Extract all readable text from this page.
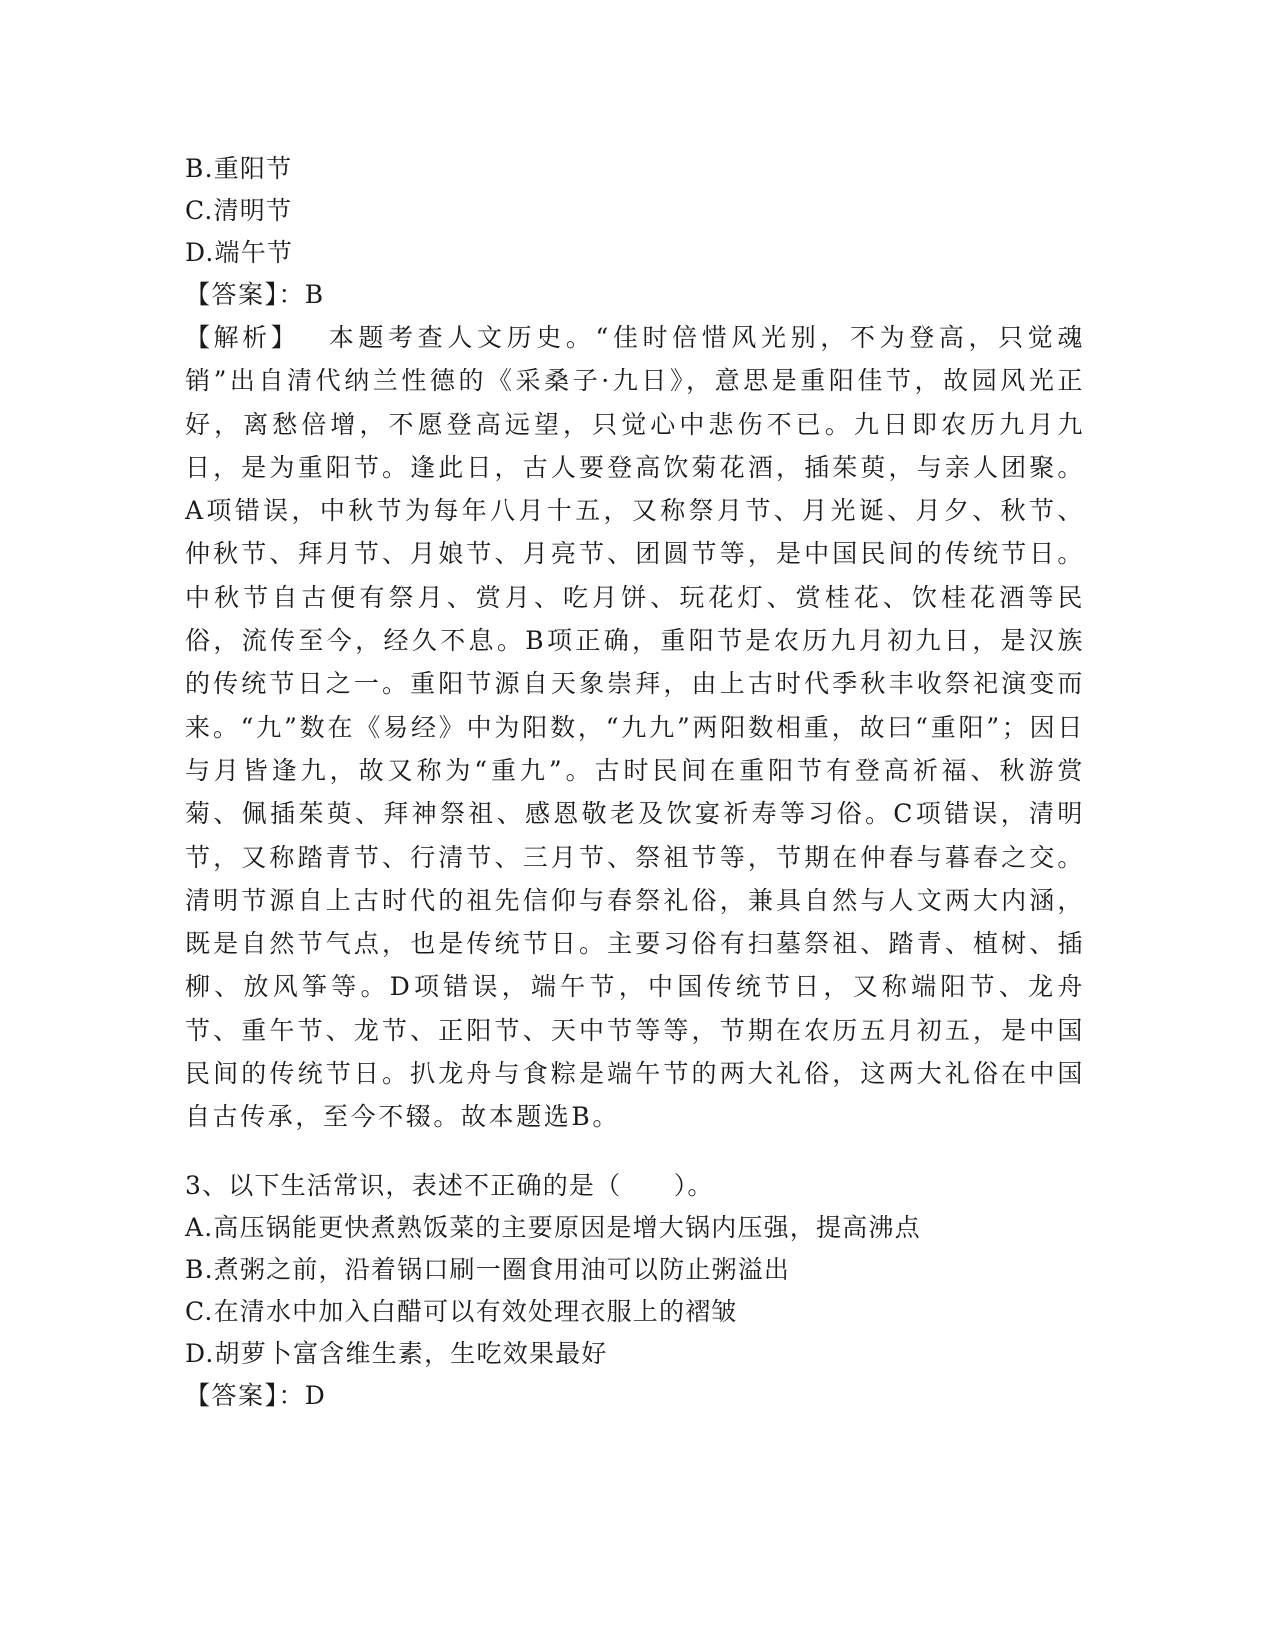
B.重阳节
C.清明节
D.端午节
【答案】：B
【解析】  本题考查人文历史。“佳时倍惜风光别，不为登高，只觉魂销”出自清代纳兰性德的《采桑子·九日》，意思是重阳佳节，故园风光正好，离愁倍增，不愿登高远望，只觉心中悲伤不已。九日即农历九月九日，是为重阳节。逢此日，古人要登高饮菊花酒，插茱萸，与亲人团聚。A项错误，中秋节为每年八月十五，又称祭月节、月光诞、月夕、秋节、仲秋节、拜月节、月娘节、月亮节、团圆节等，是中国民间的传统节日。中秋节自古便有祭月、赏月、吃月饼、玩花灯、赏桂花、饮桂花酒等民俗，流传至今，经久不息。B项正确，重阳节是农历九月初九日，是汉族的传统节日之一。重阳节源自天象崇拜，由上古时代季秋丰收祭祀演变而来。“九”数在《易经》中为阳数，“九九”两阳数相重，故曰“重阳”；因日与月皆逢九，故又称为“重九”。古时民间在重阳节有登高祈福、秋游赏菊、佩插茱萸、拜神祭祖、感恩敬老及饮宴祈寿等习俗。C项错误，清明节，又称踏青节、行清节、三月节、祭祖节等，节期在仲春与暮春之交。清明节源自上古时代的祖先信仰与春祭礼俗，兼具自然与人文两大内涵，既是自然节气点，也是传统节日。主要习俗有扫墓祭祖、踏青、植树、插柳、放风筝等。D项错误，端午节，中国传统节日，又称端阳节、龙舟节、重午节、龙节、正阳节、天中节等等，节期在农历五月初五，是中国民间的传统节日。扒龙舟与食粽是端午节的两大礼俗，这两大礼俗在中国自古传承，至今不辍。故本题选B。
3、以下生活常识，表述不正确的是（　　）。
A.高压锅能更快煮熟饭菜的主要原因是增大锅内压强，提高沸点
B.煮粥之前，沿着锅口刷一圈食用油可以防止粥溢出
C.在清水中加入白醋可以有效处理衣服上的褶皱
D.胡萝卜富含维生素，生吃效果最好
【答案】：D
